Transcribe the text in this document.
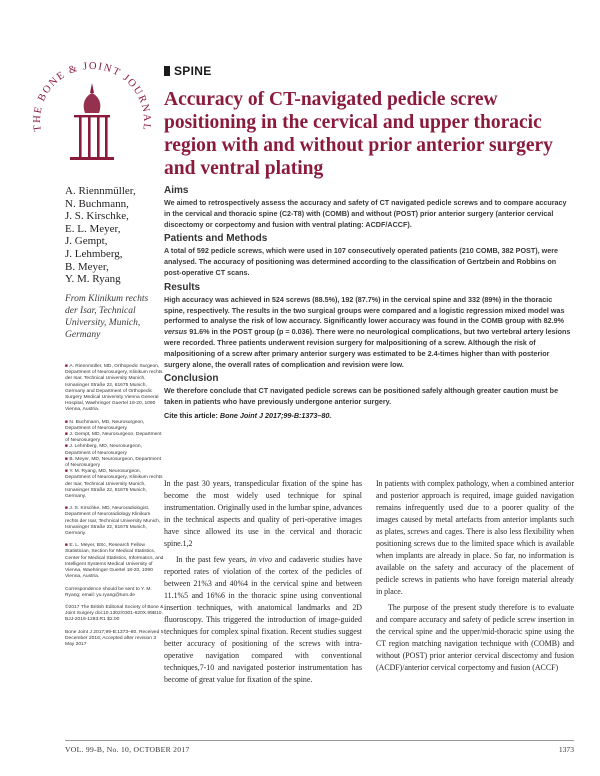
THE BONE & JOINT JOURNAL
SPINE
Accuracy of CT-navigated pedicle screw positioning in the cervical and upper thoracic region with and without prior anterior surgery and ventral plating
A. Riennmüller,
N. Buchmann,
J. S. Kirschke,
E. L. Meyer,
J. Gempt,
J. Lehmberg,
B. Meyer,
Y. M. Ryang
From Klinikum rechts der Isar, Technical University, Munich, Germany

■ A. Riennmüller, MD, Orthopedic Surgeon, Department of Neurosurgery, Klinikum rechts der Isar, Technical University Munich, Ismaninger Straße 22, 81675 Munich, Germany and Department of Orthopedic Surgery Medical University Vienna General Hospital, Waehringer Guertel 18-20, 1090 Vienna, Austria.

■ N. Buchmann, MD, Neurosurgeon, Department of Neurosurgery
■ J. Gempt, MD, Neurosurgeon, Department of Neurosurgery
■ J. Lehmberg, MD, Neurosurgeon, Department of Neurosurgery
■ B. Meyer, MD, Neurosurgeon, Department of Neurosurgery
■ Y. M. Ryang, MD, Neurosurgeon, Department of Neurosurgery, Klinikum rechts der Isar, Technical University Munich, Ismaninger Straße 22, 81675 Munich, Germany.

■ J. S. Kirschke, MD, Neuroradiologist, Department of Neuroradiology Klinikum rechts der Isar, Technical University Munich, Ismaninger Straße 22, 81675 Munich, Germany.

■ E. L. Meyer, BSc, Research Fellow Statistician, Section for Medical Statistics, Center for Medical Statistics, Informatics, and Intelligent Systems Medical University of Vienna, Waehringer Guertel 18-20, 1090 Vienna, Austria.

Correspondence should be sent to Y. M. Ryang; email: yu.ryang@tum.de

©2017 The British Editorial Society of Bone & Joint Surgery doi:10.1302/0301-620X.99B10. BJJ-2016-1283.R1 $2.00

Bone Joint J 2017;99-B:1373–80. Received 5 December 2016; Accepted after revision 3 May 2017

Aims

We aimed to retrospectively assess the accuracy and safety of CT navigated pedicle screws and to compare accuracy in the cervical and thoracic spine (C2-T8) with (COMB) and without (POST) prior anterior surgery (anterior cervical discectomy or corpectomy and fusion with ventral plating: ACDF/ACCF).

Patients and Methods

A total of 592 pedicle screws, which were used in 107 consecutively operated patients (210 COMB, 382 POST), were analysed. The accuracy of positioning was determined according to the classification of Gertzbein and Robbins on post-operative CT scans.

Results

High accuracy was achieved in 524 screws (88.5%), 192 (87.7%) in the cervical spine and 332 (89%) in the thoracic spine, respectively. The results in the two surgical groups were compared and a logistic regression mixed model was performed to analyse the risk of low accuracy. Significantly lower accuracy was found in the COMB group with 82.9% versus 91.6% in the POST group (p = 0.036). There were no neurological complications, but two vertebral artery lesions were recorded. Three patients underwent revision surgery for malpositioning of a screw. Although the risk of malpositioning of a screw after primary anterior surgery was estimated to be 2.4-times higher than with posterior surgery alone, the overall rates of complication and revision were low.

Conclusion

We therefore conclude that CT navigated pedicle screws can be positioned safely although greater caution must be taken in patients who have previously undergone anterior surgery.

Cite this article: Bone Joint J 2017;99-B:1373–80.

In the past 30 years, transpedicular fixation of the spine has become the most widely used technique for spinal instrumentation. Originally used in the lumbar spine, advances in the technical aspects and quality of peri-operative images have since allowed its use in the cervical and thoracic spine.1,2

In the past few years, in vivo and cadaveric studies have reported rates of violation of the cortex of the pedicles of between 21%3 and 40%4 in the cervical spine and between 11.1%5 and 16%6 in the thoracic spine using conventional insertion techniques, with anatomical landmarks and 2D fluoroscopy. This triggered the introduction of image-guided techniques for complex spinal fixation. Recent studies suggest better accuracy of positioning of the screws with intra-operative navigation compared with conventional techniques,7-10 and navigated posterior instrumentation has become of great value for fixation of the spine.

In patients with complex pathology, when a combined anterior and posterior approach is required, image guided navigation remains infrequently used due to a poorer quality of the images caused by metal artefacts from anterior implants such as plates, screws and cages. There is also less flexibility when positioning screws due to the limited space which is available when implants are already in place. So far, no information is available on the safety and accuracy of the placement of pedicle screws in patients who have foreign material already in place.

The purpose of the present study therefore is to evaluate and compare accuracy and safety of pedicle screw insertion in the cervical spine and the upper/mid-thoracic spine using the CT region matching navigation technique with (COMB) and without (POST) prior anterior cervical discectomy and fusion (ACDF)/anterior cervical corpectomy and fusion (ACCF)

VOL. 99-B, No. 10, OCTOBER 2017	1373
